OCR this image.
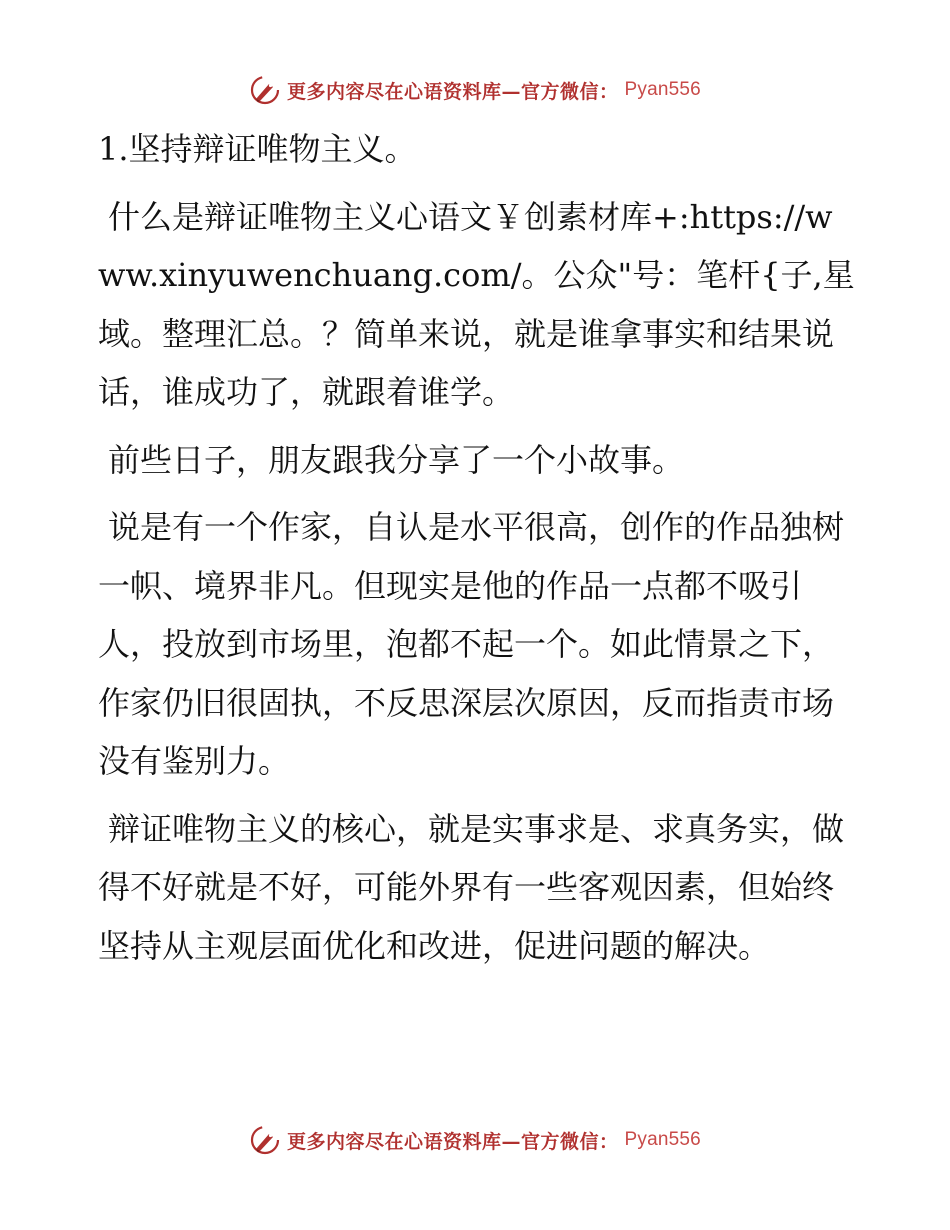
更多内容尽在心语资料库—官方微信： Pyan556

1.坚持辩证唯物主义。

什么是辩证唯物主义心语文￥创素材库+:https://www.xinyuwenchuang.com/。公众"号：笔杆{子,星域。整理汇总。？简单来说，就是谁拿事实和结果说话，谁成功了，就跟着谁学。

前些日子，朋友跟我分享了一个小故事。

说是有一个作家，自认是水平很高，创作的作品独树一帜、境界非凡。但现实是他的作品一点都不吸引人，投放到市场里，泡都不起一个。如此情景之下，作家仍旧很固执，不反思深层次原因，反而指责市场没有鉴别力。

辩证唯物主义的核心，就是实事求是、求真务实，做得不好就是不好，可能外界有一些客观因素，但始终坚持从主观层面优化和改进，促进问题的解决。

更多内容尽在心语资料库—官方微信： Pyan556
